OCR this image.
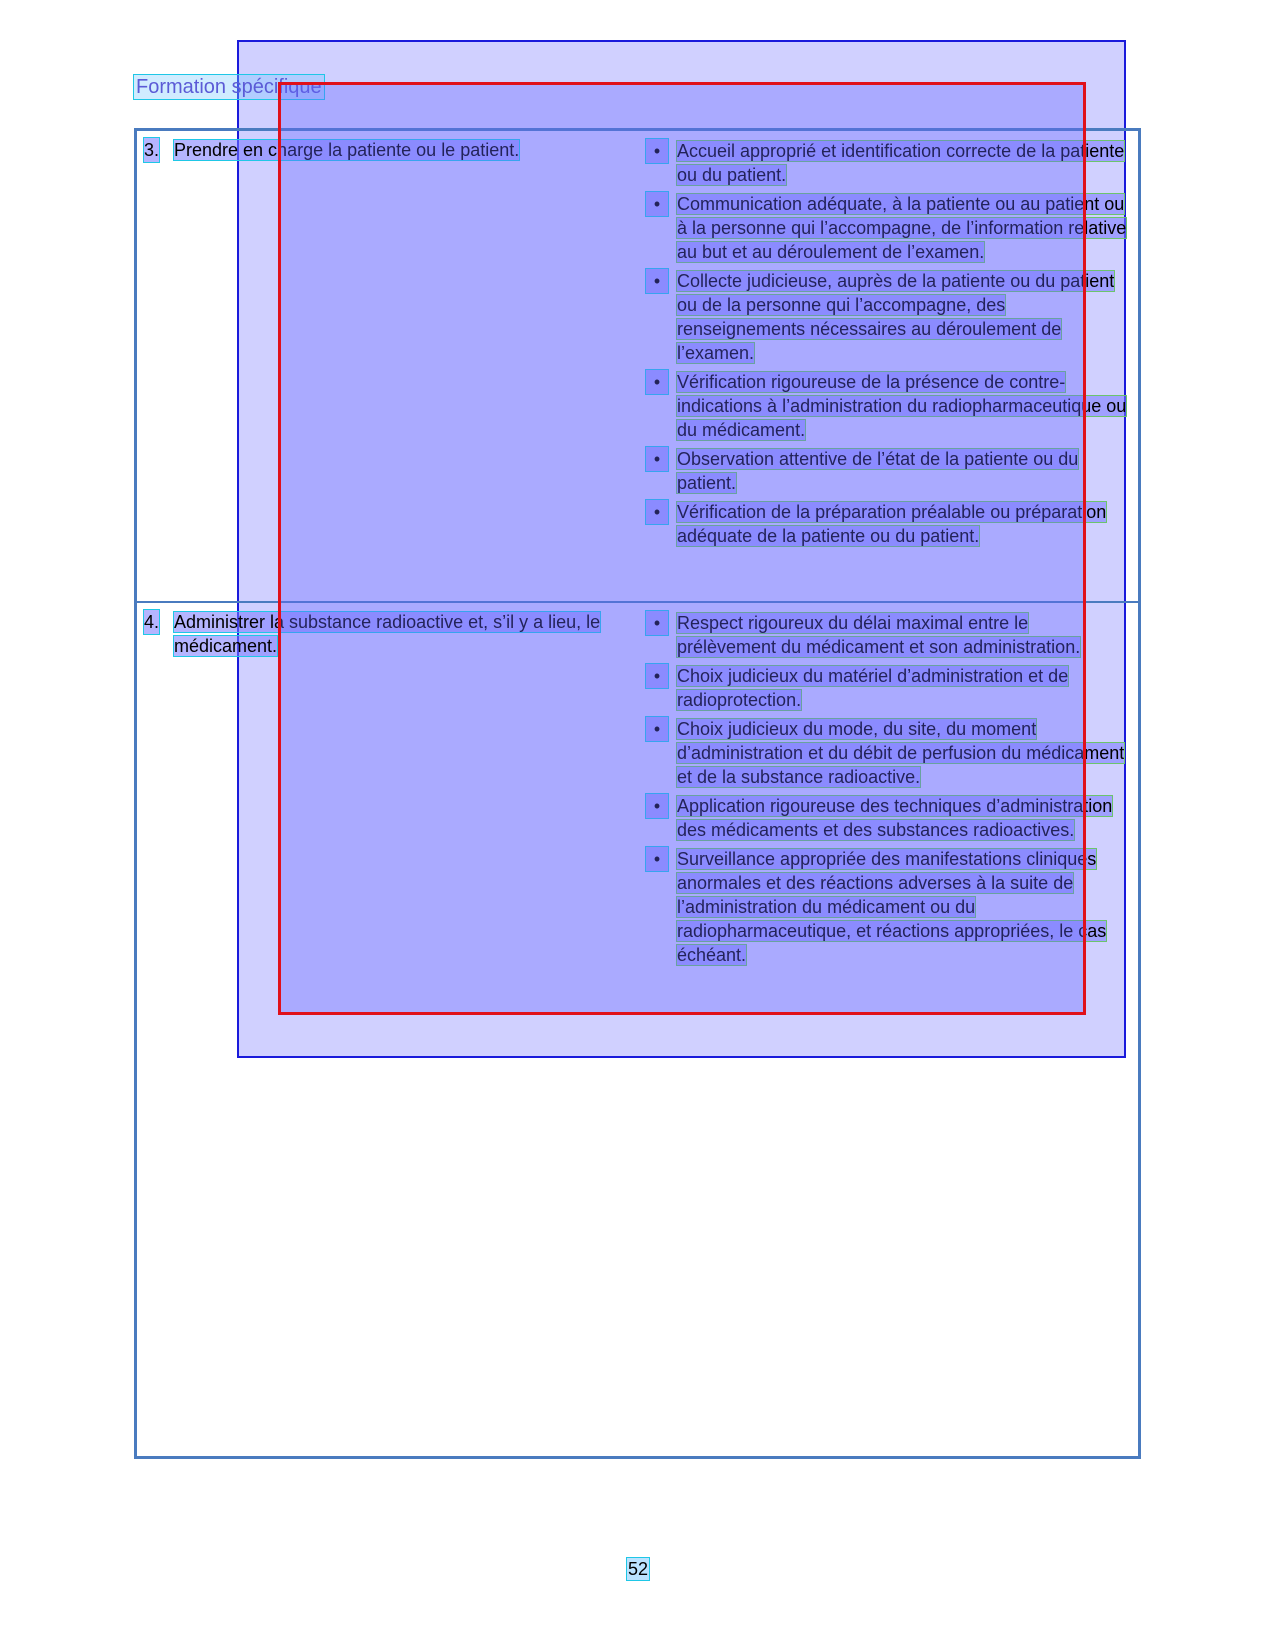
Formation spécifique
3. Prendre en charge la patiente ou le patient.	• Accueil approprié et identification correcte de la patiente ou du patient.
• Communication adéquate, à la patiente ou au patient ou à la personne qui l’accompagne, de l’information relative au but et au déroulement de l’examen.
• Collecte judicieuse, auprès de la patiente ou du patient ou de la personne qui l’accompagne, des renseignements nécessaires au déroulement de l’examen.
• Vérification rigoureuse de la présence de contre-indications à l’administration du radiopharmaceutique ou du médicament.
• Observation attentive de l’état de la patiente ou du patient.
• Vérification de la préparation préalable ou préparation adéquate de la patiente ou du patient.
4. Administrer la substance radioactive et, s’il y a lieu, le médicament.
• Respect rigoureux du délai maximal entre le prélèvement du médicament et son administration.
• Choix judicieux du matériel d’administration et de radioprotection.
• Choix judicieux du mode, du site, du moment d’administration et du débit de perfusion du médicament et de la substance radioactive.
• Application rigoureuse des techniques d’administration des médicaments et des substances radioactives.
• Surveillance appropriée des manifestations cliniques anormales et des réactions adverses à la suite de l’administration du médicament ou du radiopharmaceutique, et réactions appropriées, le cas échéant.
52
